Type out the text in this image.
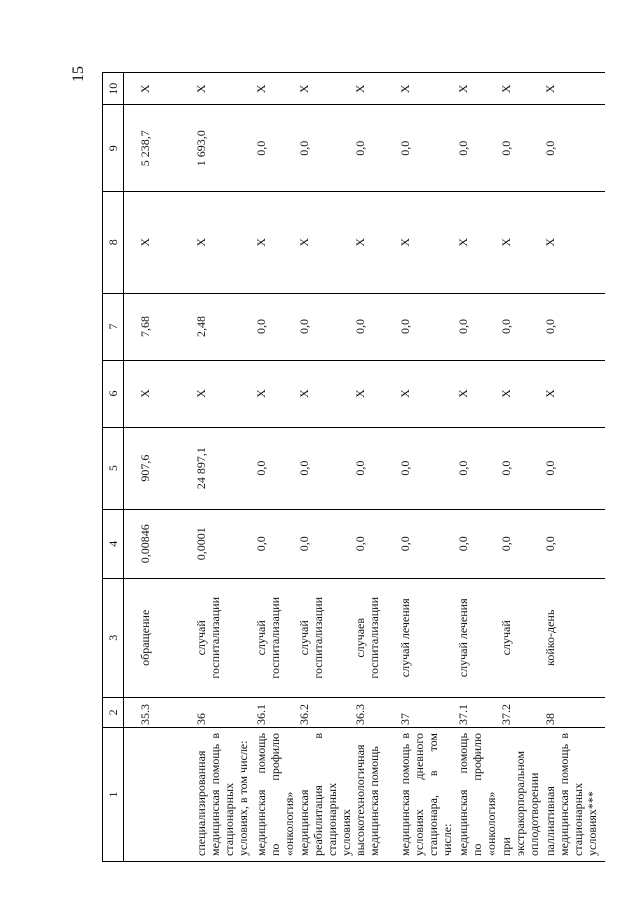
15

1	2	3	4	5	6	7	8	9	10
	35.3	обращение	0,00846	907,6	Х	7,68	Х	5 238,7	Х
специализированная медицинская помощь в стационарных условиях, в том числе:	36	случай госпитализации	0,0001	24 897,1	Х	2,48	Х	1 693,0	Х
медицинская помощь по профилю «онкология»	36.1	случай госпитализации	0,0	0,0	Х	0,0	Х	0,0	Х
медицинская реабилитация в стационарных условиях	36.2	случай госпитализации	0,0	0,0	Х	0,0	Х	0,0	Х
высокотехнологичная медицинская помощь	36.3	случаев госпитализации	0,0	0,0	Х	0,0	Х	0,0	Х
медицинская помощь в условиях дневного стационара, в том числе:	37	случай лечения	0,0	0,0	Х	0,0	Х	0,0	Х
медицинская помощь по профилю «онкология»	37.1	случай лечения	0,0	0,0	Х	0,0	Х	0,0	Х
при экстракорпоральном оплодотворении	37.2	случай	0,0	0,0	Х	0,0	Х	0,0	Х
паллиативная медицинская помощь в стационарных условиях***	38	койко-день	0,0	0,0	Х	0,0	Х	0,0	Х
